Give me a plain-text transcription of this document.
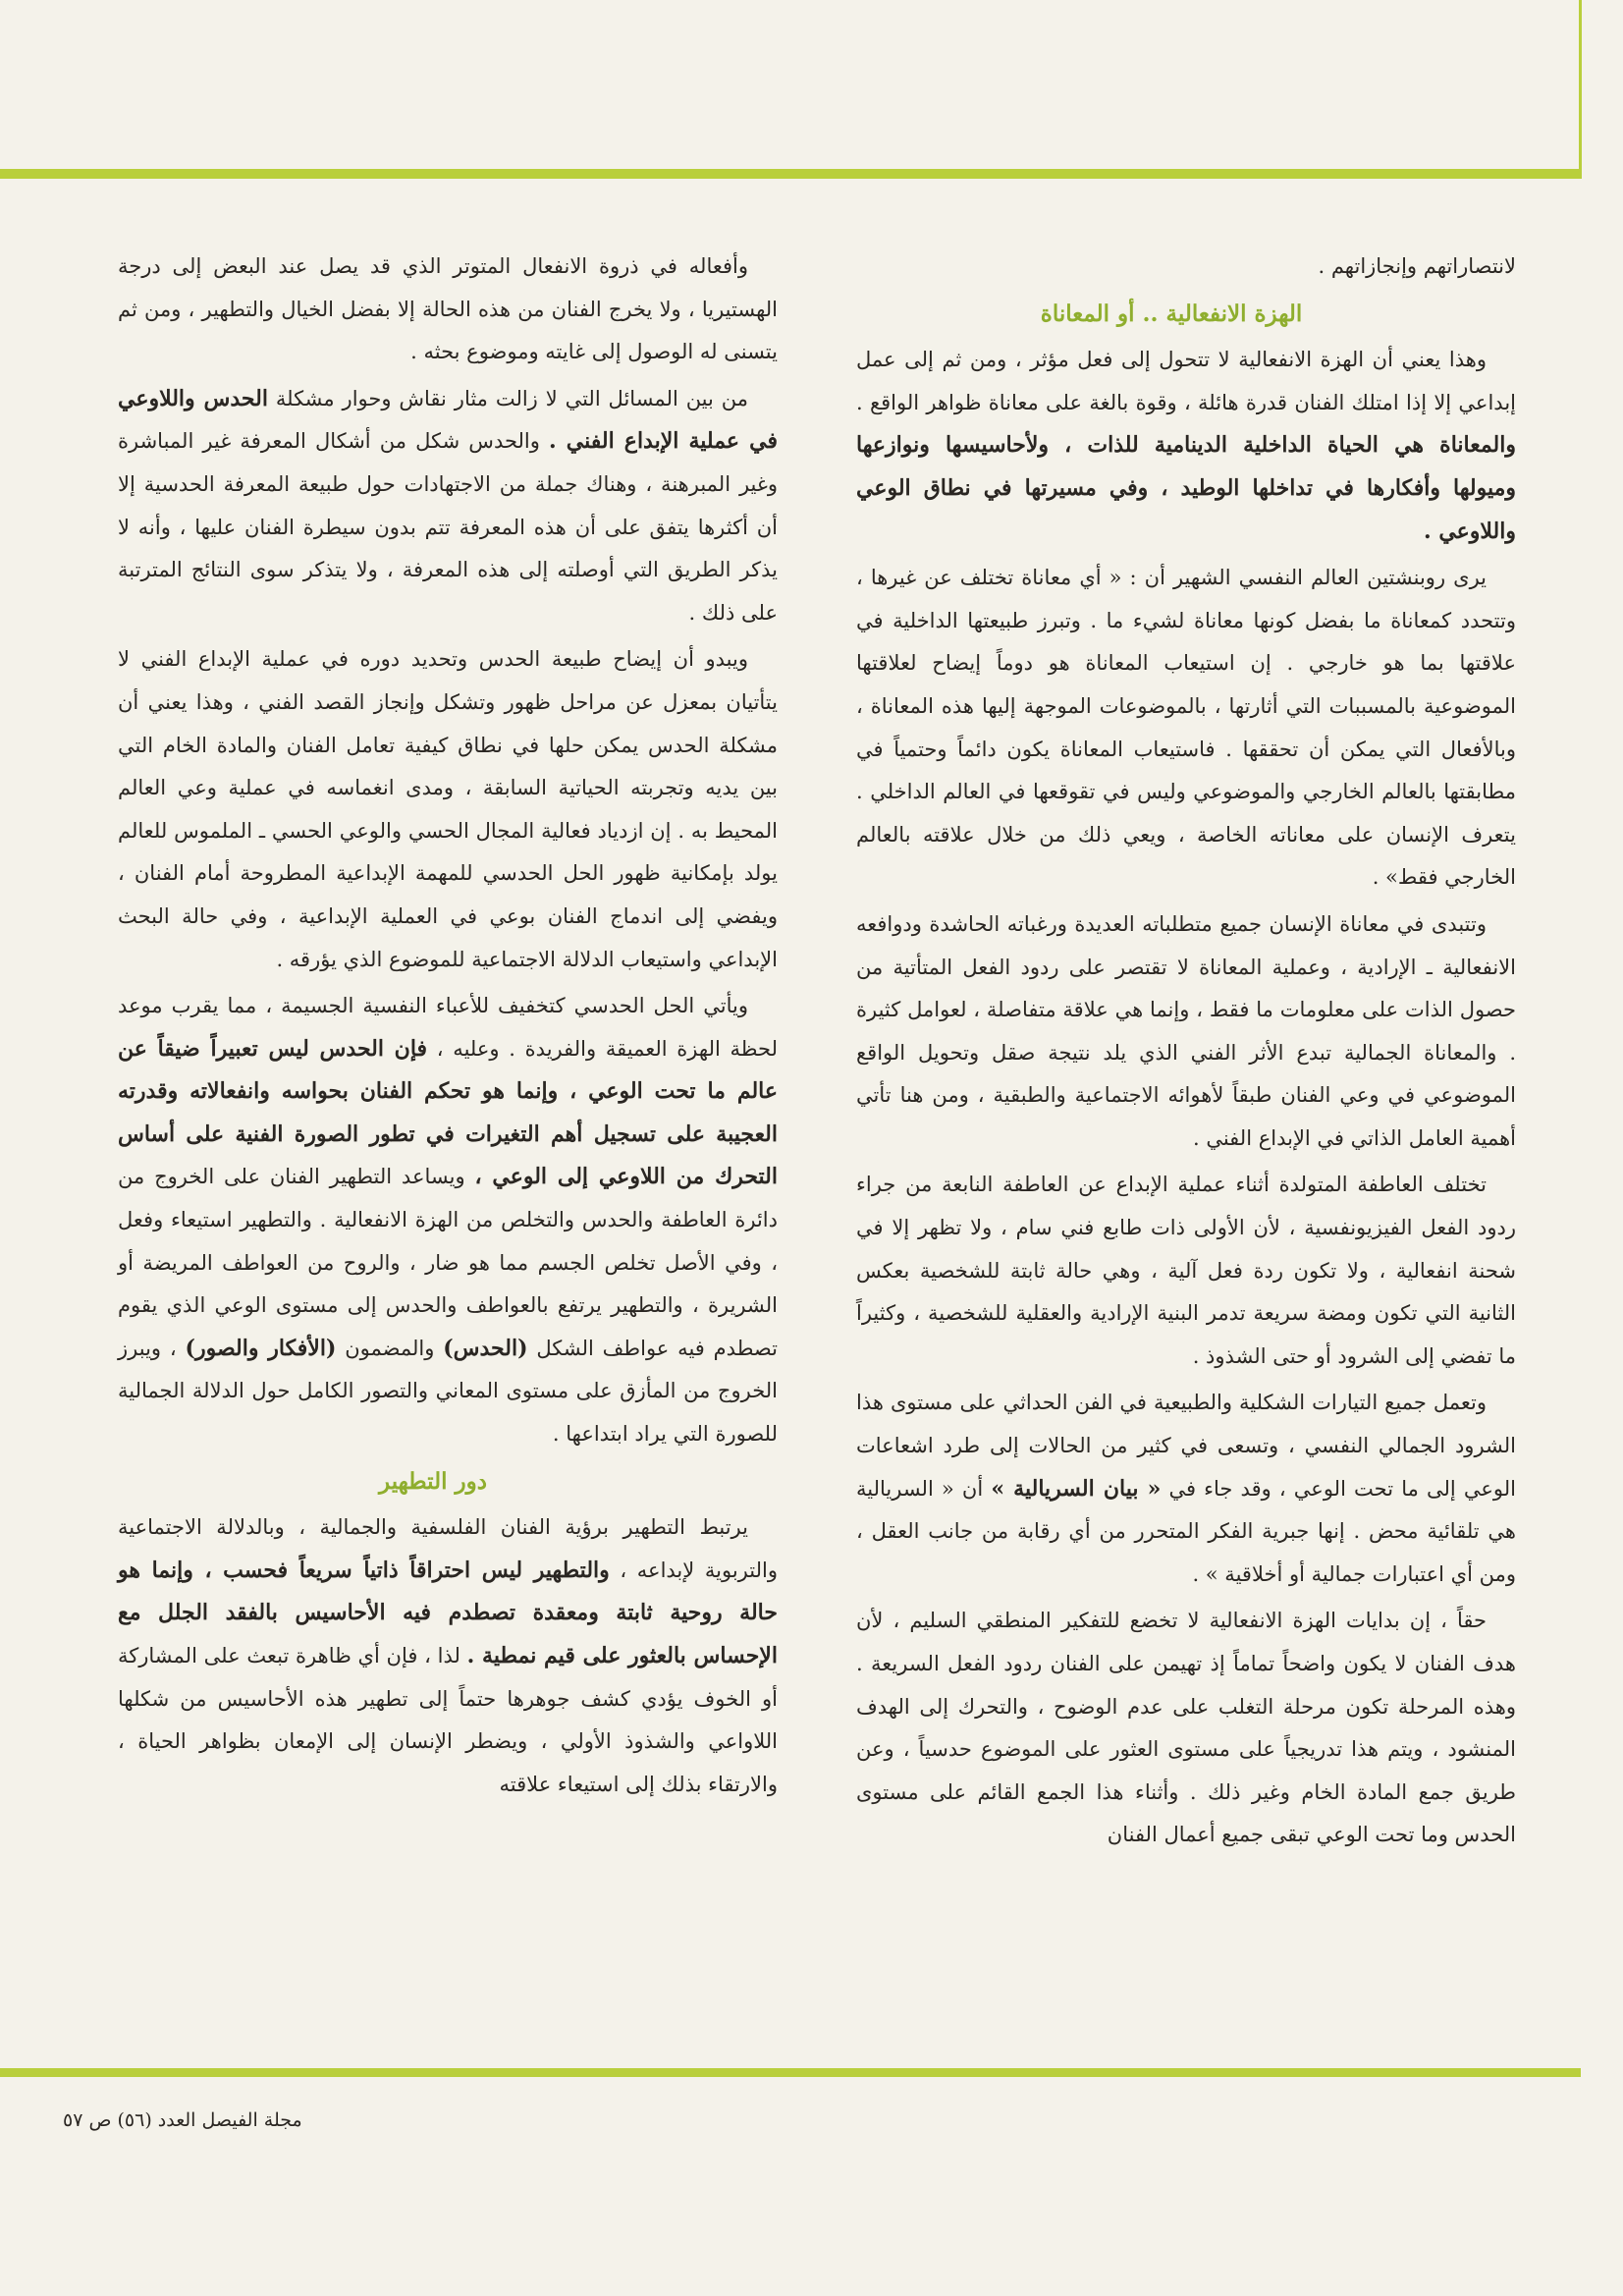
لانتصاراتهم وإنجازاتهم .

الهزة الانفعالية .. أو المعاناة

وهذا يعني أن الهزة الانفعالية لا تتحول إلى فعل مؤثر ، ومن ثم إلى عمل إبداعي إلا إذا امتلك الفنان قدرة هائلة ، وقوة بالغة على معاناة ظواهر الواقع . والمعاناة هي الحياة الداخلية الدينامية للذات ، ولأحاسيسها ونوازعها وميولها وأفكارها في تداخلها الوطيد ، وفي مسيرتها في نطاق الوعي واللاوعي .

يرى روبنشتين العالم النفسي الشهير أن : « أي معاناة تختلف عن غيرها ، وتتحدد كمعاناة ما بفضل كونها معاناة لشيء ما . وتبرز طبيعتها الداخلية في علاقتها بما هو خارجي . إن استيعاب المعاناة هو دوماً إيضاح لعلاقتها الموضوعية بالمسببات التي أثارتها ، بالموضوعات الموجهة إليها هذه المعاناة ، وبالأفعال التي يمكن أن تحققها . فاستيعاب المعاناة يكون دائماً وحتمياً في مطابقتها بالعالم الخارجي والموضوعي وليس في تقوقعها في العالم الداخلي . يتعرف الإنسان على معاناته الخاصة ، ويعي ذلك من خلال علاقته بالعالم الخارجي فقط» .

وتتبدى في معاناة الإنسان جميع متطلباته العديدة ورغباته الحاشدة ودوافعه الانفعالية ـ الإرادية ، وعملية المعاناة لا تقتصر على ردود الفعل المتأتية من حصول الذات على معلومات ما فقط ، وإنما هي علاقة متفاصلة ، لعوامل كثيرة . والمعاناة الجمالية تبدع الأثر الفني الذي يلد نتيجة صقل وتحويل الواقع الموضوعي في وعي الفنان طبقاً لأهوائه الاجتماعية والطبقية ، ومن هنا تأتي أهمية العامل الذاتي في الإبداع الفني .

تختلف العاطفة المتولدة أثناء عملية الإبداع عن العاطفة النابعة من جراء ردود الفعل الفيزيونفسية ، لأن الأولى ذات طابع فني سام ، ولا تظهر إلا في شحنة انفعالية ، ولا تكون ردة فعل آلية ، وهي حالة ثابتة للشخصية بعكس الثانية التي تكون ومضة سريعة تدمر البنية الإرادية والعقلية للشخصية ، وكثيراً ما تفضي إلى الشرود أو حتى الشذوذ .

وتعمل جميع التيارات الشكلية والطبيعية في الفن الحداثي على مستوى هذا الشرود الجمالي النفسي ، وتسعى في كثير من الحالات إلى طرد اشعاعات الوعي إلى ما تحت الوعي ، وقد جاء في « بيان السريالية » أن « السريالية هي تلقائية محض . إنها جبرية الفكر المتحرر من أي رقابة من جانب العقل ، ومن أي اعتبارات جمالية أو أخلاقية » .

حقاً ، إن بدايات الهزة الانفعالية لا تخضع للتفكير المنطقي السليم ، لأن هدف الفنان لا يكون واضحاً تماماً إذ تهيمن على الفنان ردود الفعل السريعة . وهذه المرحلة تكون مرحلة التغلب على عدم الوضوح ، والتحرك إلى الهدف المنشود ، ويتم هذا تدريجياً على مستوى العثور على الموضوع حدسياً ، وعن طريق جمع المادة الخام وغير ذلك . وأثناء هذا الجمع القائم على مستوى الحدس وما تحت الوعي تبقى جميع أعمال الفنان

وأفعاله في ذروة الانفعال المتوتر الذي قد يصل عند البعض إلى درجة الهستيريا ، ولا يخرج الفنان من هذه الحالة إلا بفضل الخيال والتطهير ، ومن ثم يتسنى له الوصول إلى غايته وموضوع بحثه .

من بين المسائل التي لا زالت مثار نقاش وحوار مشكلة الحدس واللاوعي في عملية الإبداع الفني . والحدس شكل من أشكال المعرفة غير المباشرة وغير المبرهنة ، وهناك جملة من الاجتهادات حول طبيعة المعرفة الحدسية إلا أن أكثرها يتفق على أن هذه المعرفة تتم بدون سيطرة الفنان عليها ، وأنه لا يذكر الطريق التي أوصلته إلى هذه المعرفة ، ولا يتذكر سوى النتائج المترتبة على ذلك .

ويبدو أن إيضاح طبيعة الحدس وتحديد دوره في عملية الإبداع الفني لا يتأتيان بمعزل عن مراحل ظهور وتشكل وإنجاز القصد الفني ، وهذا يعني أن مشكلة الحدس يمكن حلها في نطاق كيفية تعامل الفنان والمادة الخام التي بين يديه وتجربته الحياتية السابقة ، ومدى انغماسه في عملية وعي العالم المحيط به . إن ازدياد فعالية المجال الحسي والوعي الحسي ـ الملموس للعالم يولد بإمكانية ظهور الحل الحدسي للمهمة الإبداعية المطروحة أمام الفنان ، ويفضي إلى اندماج الفنان بوعي في العملية الإبداعية ، وفي حالة البحث الإبداعي واستيعاب الدلالة الاجتماعية للموضوع الذي يؤرقه .

ويأتي الحل الحدسي كتخفيف للأعباء النفسية الجسيمة ، مما يقرب موعد لحظة الهزة العميقة والفريدة . وعليه ، فإن الحدس ليس تعبيراً ضيقاً عن عالم ما تحت الوعي ، وإنما هو تحكم الفنان بحواسه وانفعالاته وقدرته العجيبة على تسجيل أهم التغيرات في تطور الصورة الفنية على أساس التحرك من اللاوعي إلى الوعي ، ويساعد التطهير الفنان على الخروج من دائرة العاطفة والحدس والتخلص من الهزة الانفعالية . والتطهير استيعاء وفعل ، وفي الأصل تخلص الجسم مما هو ضار ، والروح من العواطف المريضة أو الشريرة ، والتطهير يرتفع بالعواطف والحدس إلى مستوى الوعي الذي يقوم تصطدم فيه عواطف الشكل (الحدس) والمضمون (الأفكار والصور) ، ويبرز الخروج من المأزق على مستوى المعاني والتصور الكامل حول الدلالة الجمالية للصورة التي يراد ابتداعها .

دور التطهير

يرتبط التطهير برؤية الفنان الفلسفية والجمالية ، وبالدلالة الاجتماعية والتربوية لإبداعه ، والتطهير ليس احتراقاً ذاتياً سريعاً فحسب ، وإنما هو حالة روحية ثابتة ومعقدة تصطدم فيه الأحاسيس بالفقد الجلل مع الإحساس بالعثور على قيم نمطية . لذا ، فإن أي ظاهرة تبعث على المشاركة أو الخوف يؤدي كشف جوهرها حتماً إلى تطهير هذه الأحاسيس من شكلها اللاواعي والشذوذ الأولي ، ويضطر الإنسان إلى الإمعان بظواهر الحياة ، والارتقاء بذلك إلى استيعاء علاقته

مجلة الفيصل العدد (٥٦) ص ٥٧
